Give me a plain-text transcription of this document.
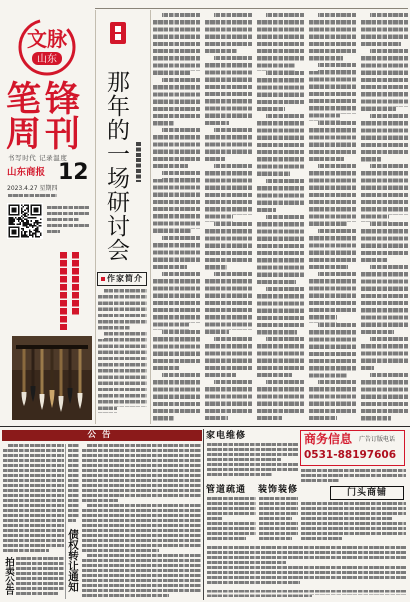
文脉
山东
笔锋周刊
书写时代 记录温度
山东商报 12
2023.4.27 星期四 那年的一场研讨会
作家简介
公告
拍卖公告	债权转让通知
家电维修
管道疏通 装饰装修
商务信息 广告订版电话
0531-88197606
门头商铺
